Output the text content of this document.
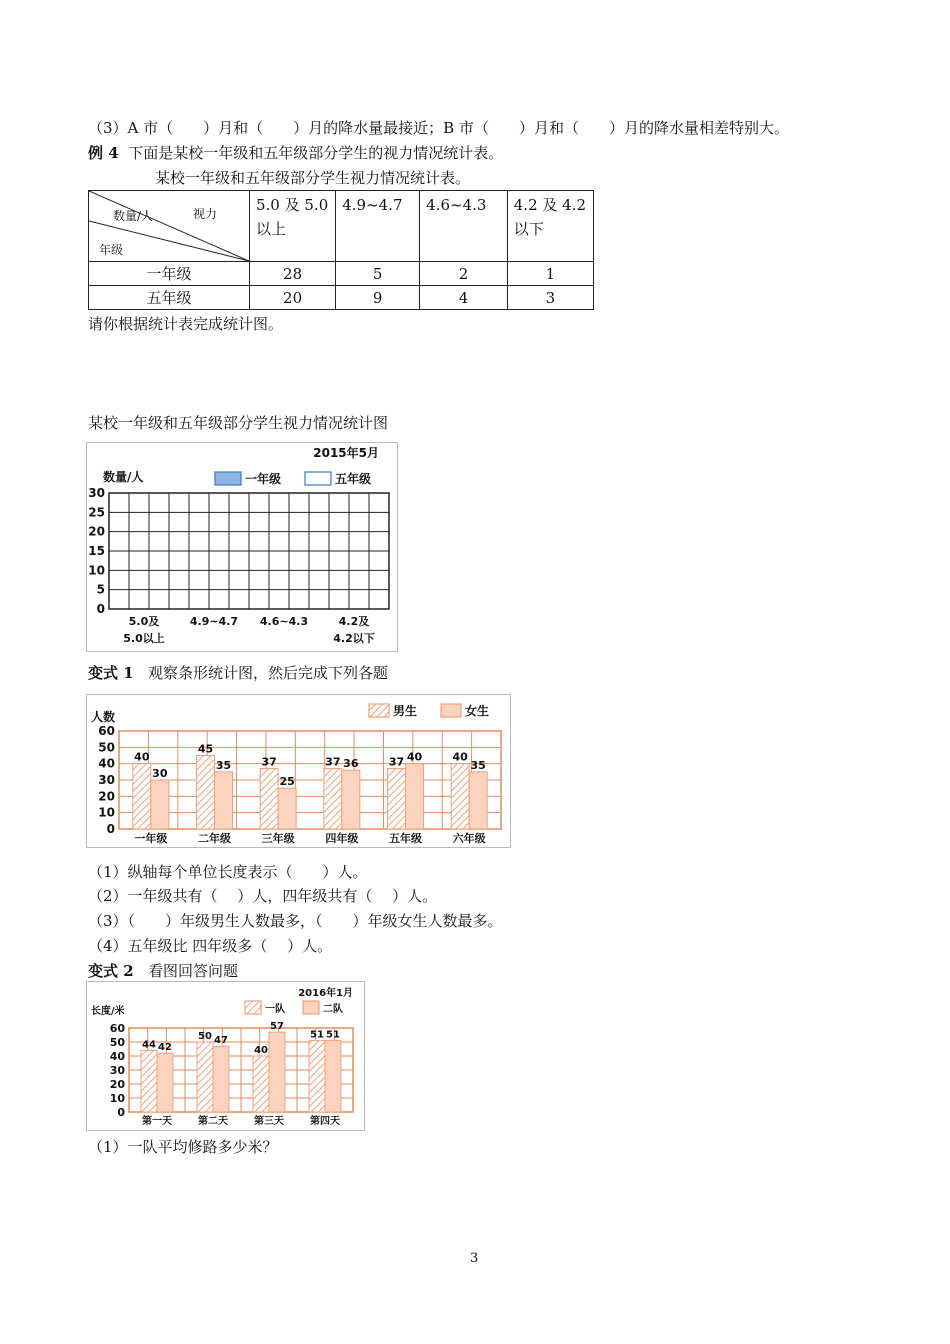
（3）A 市（　　）月和（　　）月的降水量最接近；B 市（　　）月和（　　）月的降水量相差特别大。
例 4 下面是某校一年级和五年级部分学生的视力情况统计表。
某校一年级和五年级部分学生视力情况统计表。
数量/人 视力
年级	5.0 及 5.0 以上	4.9~4.7	4.6~4.3	4.2 及 4.2 以下
一年级	28	5	2	1
五年级	20	9	4	3
请你根据统计表完成统计图。
某校一年级和五年级部分学生视力情况统计图
0
5
10
15
20
25
30
数量/人
2015年5月
一年级	五年级
5.0及
5.0以上
4.9~4.7 4.6~4.3	4.2及
4.2以下
变式 1 观察条形统计图，然后完成下列各题
0
10
20
30
40
50
60
人数	男生	女生
一年级
40
30
二年级
45
35
三年级
37
25
四年级
37 36
五年级
37 40
六年级
40
35
（1）纵轴每个单位长度表示（　　）人。
（2）一年级共有（　 ）人，四年级共有（　 ）人。
（3）（　　）年级男生人数最多，（　　）年级女生人数最多。
（4）五年级比 四年级多（　 ）人。
变式 2 看图回答问题
0
10
20
30
40
50
60
长度/米
2016年1月
一队	二队
第一天
44 42
第二天
50 47
第三天
40
57
第四天
51 51
（1）一队平均修路多少米？
3
